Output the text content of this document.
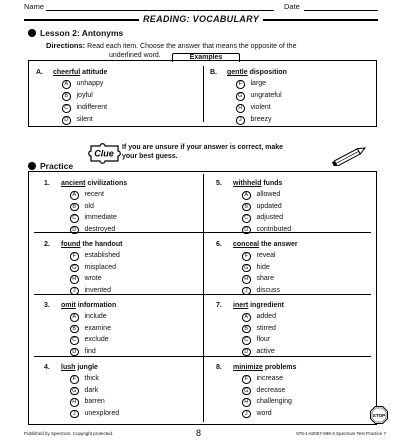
Name	Date
READING: VOCABULARY
Lesson 2: Antonyms
Directions: Read each item. Choose the answer that means the opposite of the
underlined word.	Examples
A. cheerful attitude
A unhappy
B joyful
C indifferent
D silent
B. gentle disposition
F large
G ungrateful
H violent
J breezy
Clue
If you are unsure if your answer is correct, make
your best guess.
Practice
1. ancient civilizations
A recent
B old
C immediate
D destroyed
2. found the handout
F established
G misplaced
H wrote
J invented
3. omit information
A include
B examine
C exclude
D find
4. lush jungle
F thick
G dark
H barren
J unexplored
5. withheld funds
A allowed
B updated
C adjusted
D contributed
6. conceal the answer
F reveal
G hide
H share
J discuss
7. inert ingredient
A added
B stirred
C flour
D active
8. minimize problems
F increase
G decrease
H challenging
J word	STOP
Published by Spectrum. Copyright protected.	8	978-1-62057-599-4 Spectrum Test Practice 7
